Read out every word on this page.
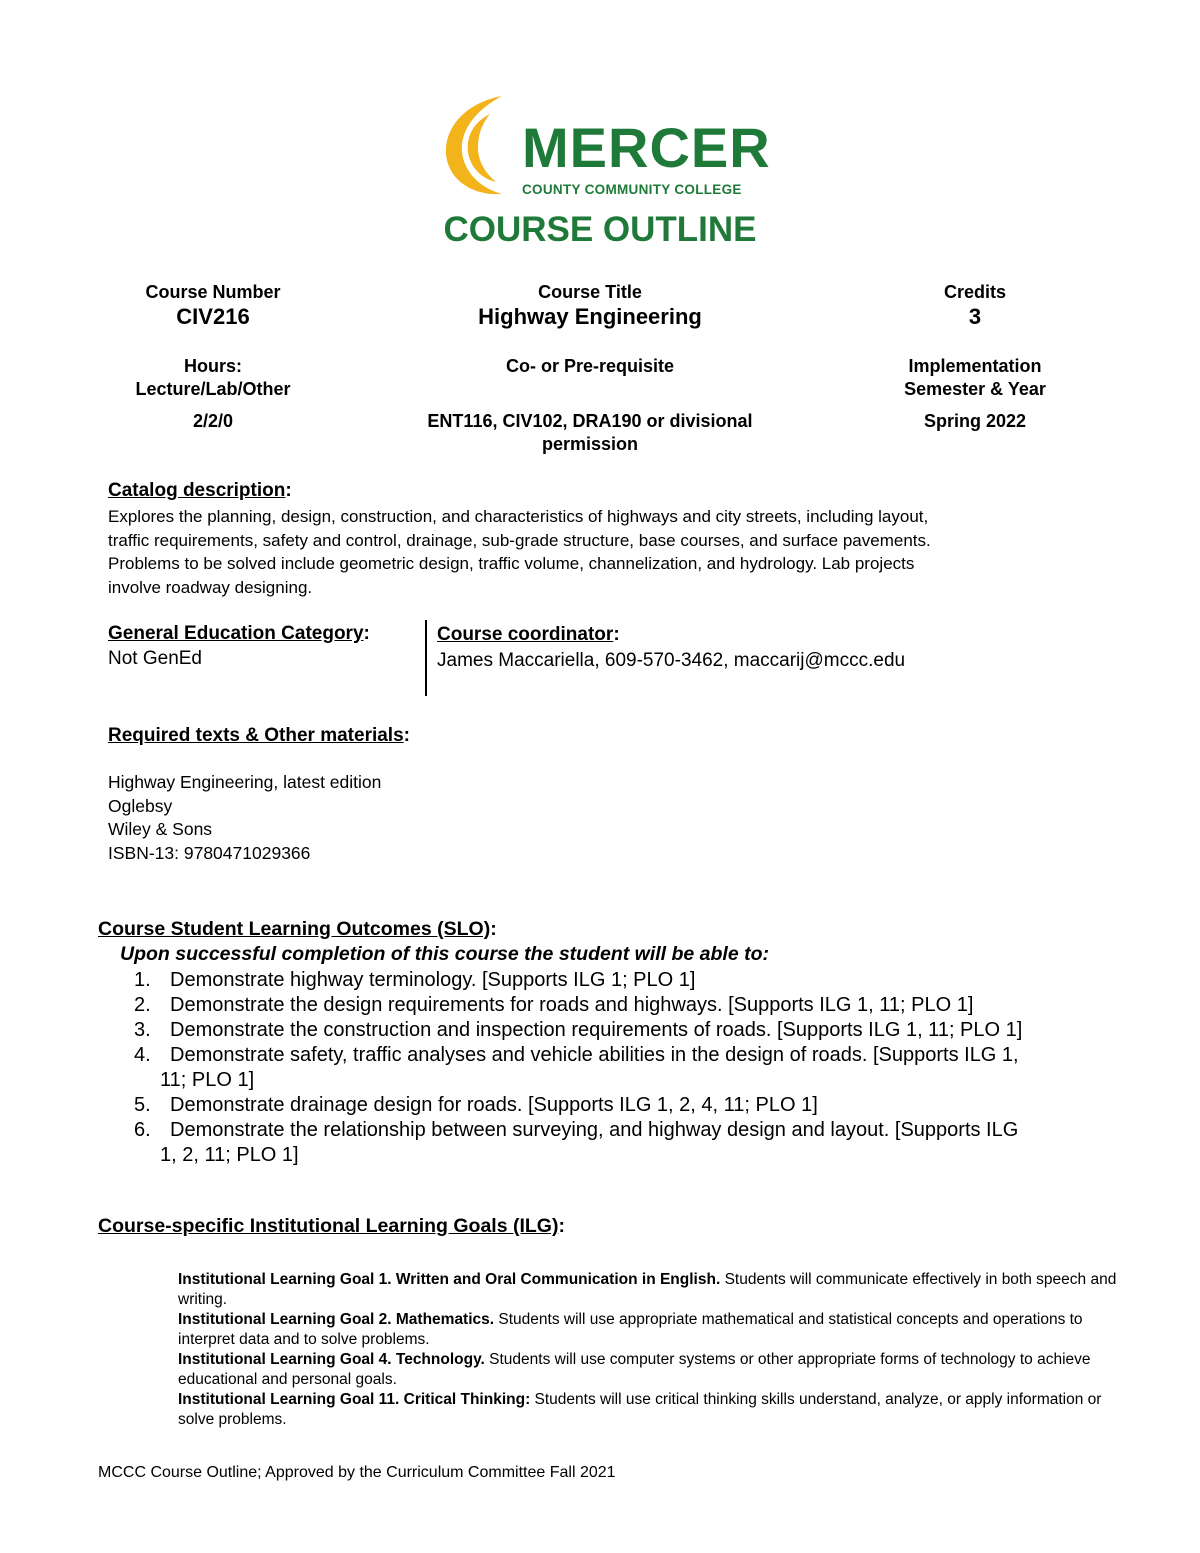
MERCER
COUNTY COMMUNITY COLLEGE
COURSE OUTLINE
Course Number
CIV216
Course Title
Highway Engineering
Credits
3
Hours:
Lecture/Lab/Other
2/2/0
Co- or Pre-requisite
ENT116, CIV102, DRA190 or divisional
permission
Implementation
Semester & Year
Spring 2022
Catalog description:
Explores the planning, design, construction, and characteristics of highways and city streets, including layout,
traffic requirements, safety and control, drainage, sub-grade structure, base courses, and surface pavements.
Problems to be solved include geometric design, traffic volume, channelization, and hydrology. Lab projects
involve roadway designing.
General Education Category:
Not GenEd
Course coordinator:
James Maccariella, 609-570-3462, maccarij@mccc.edu
Required texts & Other materials:
Highway Engineering, latest edition
Oglebsy
Wiley & Sons
ISBN-13: 9780471029366
Course Student Learning Outcomes (SLO):
Upon successful completion of this course the student will be able to:
1. Demonstrate highway terminology. [Supports ILG 1; PLO 1]
2. Demonstrate the design requirements for roads and highways. [Supports ILG 1, 11; PLO 1]
3. Demonstrate the construction and inspection requirements of roads. [Supports ILG 1, 11; PLO 1]
4. Demonstrate safety, traffic analyses and vehicle abilities in the design of roads. [Supports ILG 1,
11; PLO 1]
5. Demonstrate drainage design for roads. [Supports ILG 1, 2, 4, 11; PLO 1]
6. Demonstrate the relationship between surveying, and highway design and layout. [Supports ILG
1, 2, 11; PLO 1]
Course-specific Institutional Learning Goals (ILG):
Institutional Learning Goal 1. Written and Oral Communication in English. Students will communicate effectively in both speech and writing.
Institutional Learning Goal 2. Mathematics. Students will use appropriate mathematical and statistical concepts and operations to interpret data and to solve problems.
Institutional Learning Goal 4. Technology. Students will use computer systems or other appropriate forms of technology to achieve educational and personal goals.
Institutional Learning Goal 11. Critical Thinking: Students will use critical thinking skills understand, analyze, or apply information or solve problems.
MCCC Course Outline; Approved by the Curriculum Committee Fall 2021
